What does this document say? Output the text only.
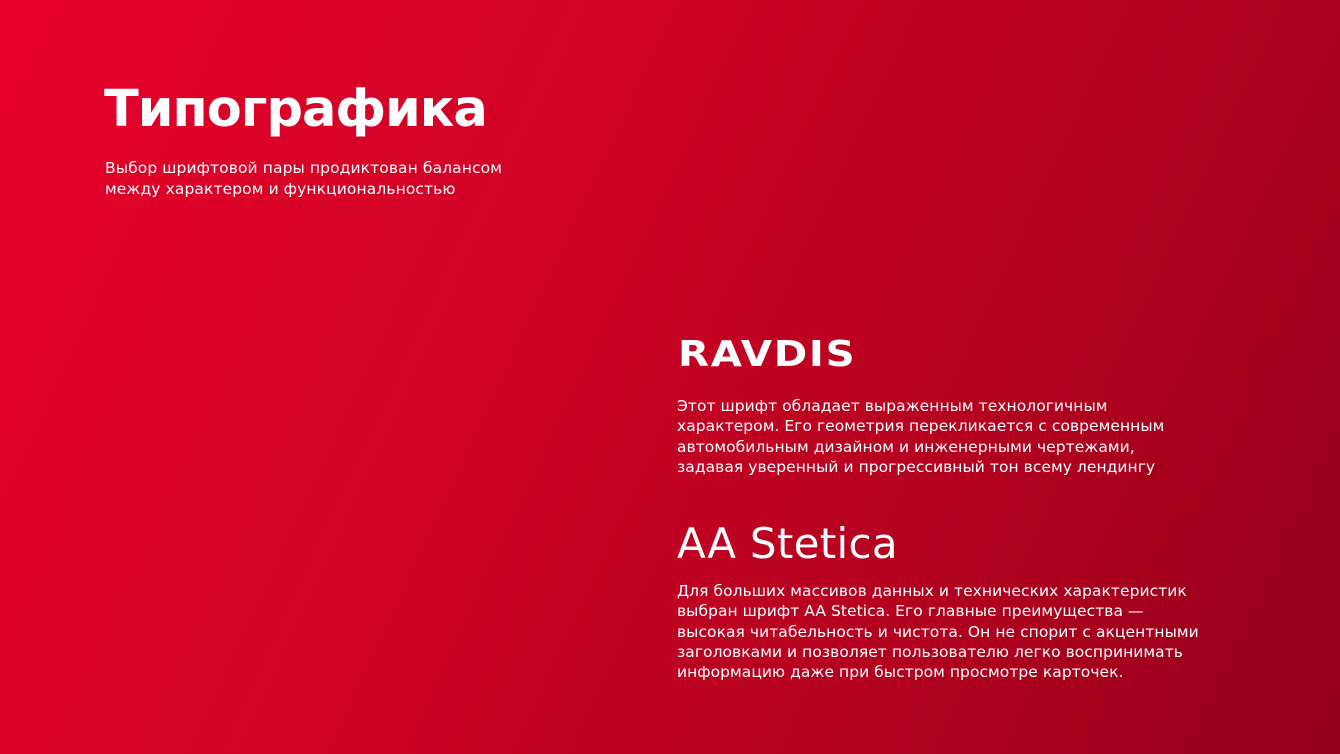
Типографика

Выбор шрифтовой пары продиктован балансом
между характером и функциональностью

RAVDIS

Этот шрифт обладает выраженным технологичным
характером. Его геометрия перекликается с современным
автомобильным дизайном и инженерными чертежами,
задавая уверенный и прогрессивный тон всему лендингу

AA Stetica

Для больших массивов данных и технических характеристик
выбран шрифт AA Stetica. Его главные преимущества —
высокая читабельность и чистота. Он не спорит с акцентными
заголовками и позволяет пользователю легко воспринимать
информацию даже при быстром просмотре карточек.
